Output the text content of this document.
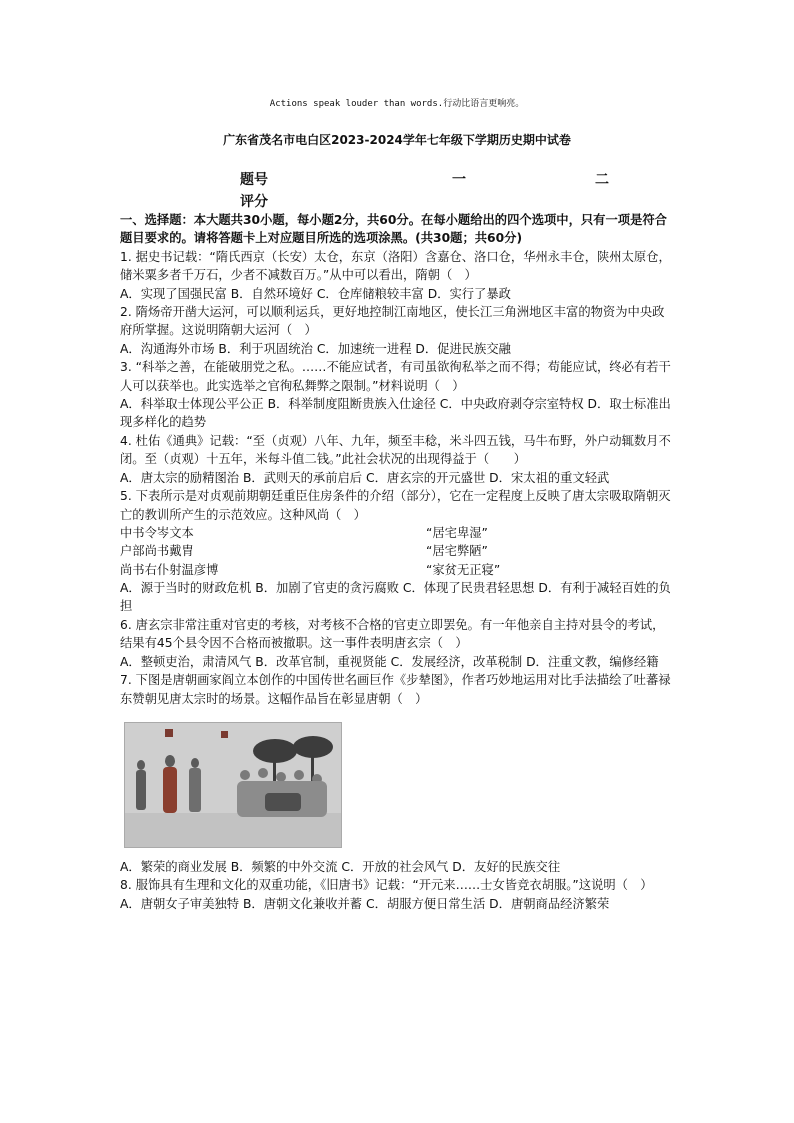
Actions speak louder than words.行动比语言更响亮。
广东省茂名市电白区2023-2024学年七年级下学期历史期中试卷
题号	一	二
评分

一、选择题：本大题共30小题，每小题2分，共60分。在每小题给出的四个选项中，只有一项是符合题目要求的。请将答题卡上对应题目所选的选项涂黑。(共30题；共60分)

1. 据史书记载：“隋氏西京（长安）太仓，东京（洛阳）含嘉仓、洛口仓，华州永丰仓，陕州太原仓，储米粟多者千万石，少者不减数百万。”从中可以看出，隋朝（　）

A．实现了国强民富 B．自然环境好 C．仓库储粮较丰富 D．实行了暴政

2. 隋炀帝开凿大运河，可以顺利运兵，更好地控制江南地区，使长江三角洲地区丰富的物资为中央政府所掌握。这说明隋朝大运河（　）

A．沟通海外市场 B．利于巩固统治 C．加速统一进程 D．促进民族交融

3. “科举之善，在能破朋党之私。……不能应试者，有司虽欲徇私举之而不得；苟能应试，终必有若干人可以获举也。此实选举之官徇私舞弊之限制。”材料说明（　）

A．科举取士体现公平公正 B．科举制度阻断贵族入仕途径 C．中央政府剥夺宗室特权 D．取士标准出现多样化的趋势

4. 杜佑《通典》记载：“至（贞观）八年、九年，频至丰稔，米斗四五钱，马牛布野，外户动辄数月不闭。至（贞观）十五年，米每斗值二钱。”此社会状况的出现得益于（　　）

A．唐太宗的励精图治 B．武则天的承前启后 C．唐玄宗的开元盛世 D．宋太祖的重文轻武

5. 下表所示是对贞观前期朝廷重臣住房条件的介绍（部分），它在一定程度上反映了唐太宗吸取隋朝灭亡的教训所产生的示范效应。这种风尚（　）

中书令岑文本	“居宅卑湿”
户部尚书戴胄	“居宅弊陋”
尚书右仆射温彦博	“家贫无正寝”

A．源于当时的财政危机 B．加剧了官吏的贪污腐败 C．体现了民贵君轻思想 D．有利于减轻百姓的负担

6. 唐玄宗非常注重对官吏的考核，对考核不合格的官吏立即罢免。有一年他亲自主持对县令的考试，结果有45个县令因不合格而被撤职。这一事件表明唐玄宗（　）

A．整顿吏治，肃清风气 B．改革官制，重视贤能 C．发展经济，改革税制 D．注重文教，编修经籍

7. 下图是唐朝画家阎立本创作的中国传世名画巨作《步辇图》，作者巧妙地运用对比手法描绘了吐蕃禄东赞朝见唐太宗时的场景。这幅作品旨在彰显唐朝（　）

A．繁荣的商业发展 B．频繁的中外交流 C．开放的社会风气 D．友好的民族交往

8. 服饰具有生理和文化的双重功能，《旧唐书》记载：“开元来……士女皆竞衣胡服。”这说明（　）

A．唐朝女子审美独特 B．唐朝文化兼收并蓄 C．胡服方便日常生活 D．唐朝商品经济繁荣
